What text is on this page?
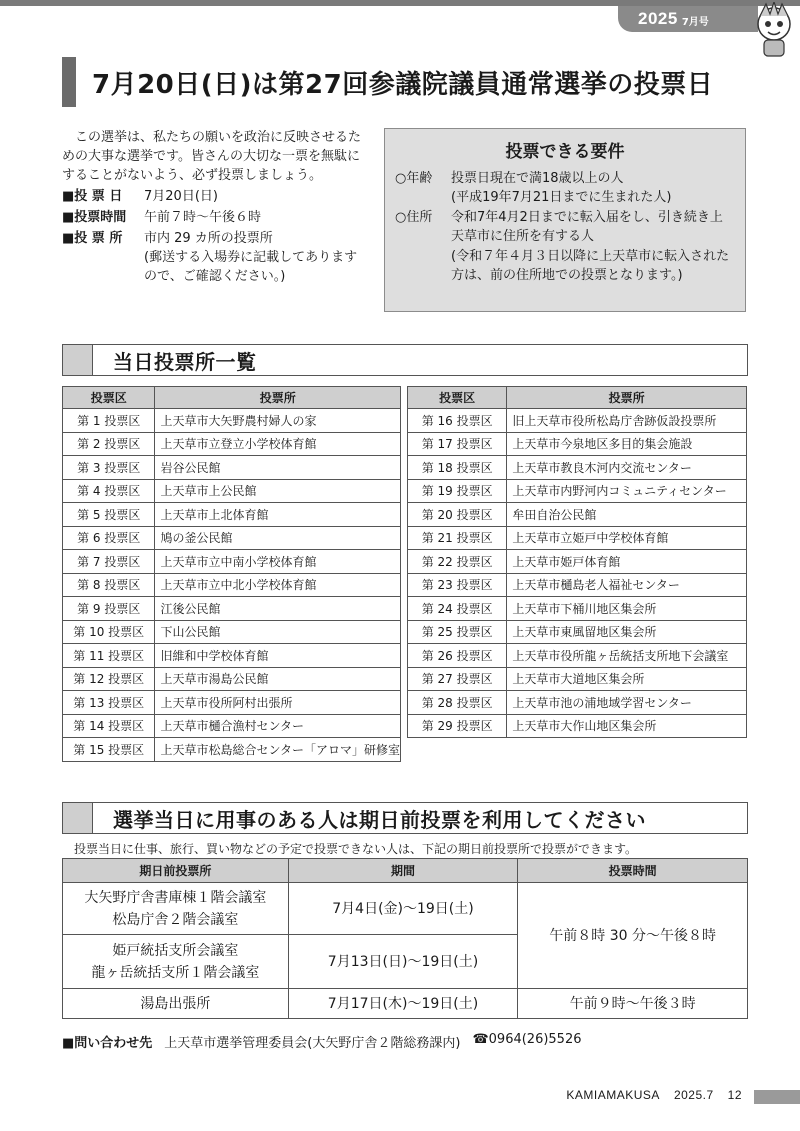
2025 7月号
7月20日(日)は第27回参議院議員通常選挙の投票日

この選挙は、私たちの願いを政治に反映させるための大事な選挙です。皆さんの大切な一票を無駄にすることがないよう、必ず投票しましょう。

■投 票 日	7月20日(日)
■投票時間	午前７時～午後６時
■投 票 所	市内 29 カ所の投票所
(郵送する入場券に記載してありますので、ご確認ください。)
投票できる要件
○年齢	投票日現在で満18歳以上の人
(平成19年7月21日までに生まれた人)
○住所	令和7年4月2日までに転入届をし、引き続き上天草市に住所を有する人
(令和７年４月３日以降に上天草市に転入された方は、前の住所地での投票となります。)
当日投票所一覧
投票区	投票所
第 1 投票区	上天草市大矢野農村婦人の家
第 2 投票区	上天草市立登立小学校体育館
第 3 投票区	岩谷公民館
第 4 投票区	上天草市上公民館
第 5 投票区	上天草市上北体育館
第 6 投票区	鳩の釜公民館
第 7 投票区	上天草市立中南小学校体育館
第 8 投票区	上天草市立中北小学校体育館
第 9 投票区	江後公民館
第 10 投票区	下山公民館
第 11 投票区	旧維和中学校体育館
第 12 投票区	上天草市湯島公民館
第 13 投票区	上天草市役所阿村出張所
第 14 投票区	上天草市樋合漁村センター
第 15 投票区	上天草市松島総合センター「アロマ」研修室
投票区	投票所
第 16 投票区	旧上天草市役所松島庁舎跡仮設投票所
第 17 投票区	上天草市今泉地区多目的集会施設
第 18 投票区	上天草市教良木河内交流センター
第 19 投票区	上天草市内野河内コミュニティセンター
第 20 投票区	牟田自治公民館
第 21 投票区	上天草市立姫戸中学校体育館
第 22 投票区	上天草市姫戸体育館
第 23 投票区	上天草市樋島老人福祉センター
第 24 投票区	上天草市下桶川地区集会所
第 25 投票区	上天草市東風留地区集会所
第 26 投票区	上天草市役所龍ヶ岳統括支所地下会議室
第 27 投票区	上天草市大道地区集会所
第 28 投票区	上天草市池の浦地域学習センター
第 29 投票区	上天草市大作山地区集会所
選挙当日に用事のある人は期日前投票を利用してください
投票当日に仕事、旅行、買い物などの予定で投票できない人は、下記の期日前投票所で投票ができます。
期日前投票所	期間	投票時間

大矢野庁舎書庫棟１階会議室
松島庁舎２階会議室	7月4日(金)～19日(土)	午前８時 30 分～午後８時

姫戸統括支所会議室
龍ヶ岳統括支所１階会議室	7月13日(日)～19日(土)	
湯島出張所	7月17日(木)～19日(土)	午前９時～午後３時
■問い合わせ先 上天草市選挙管理委員会(大矢野庁舎２階総務課内) ☎0964(26)5526
KAMIAMAKUSA 2025.7 12
